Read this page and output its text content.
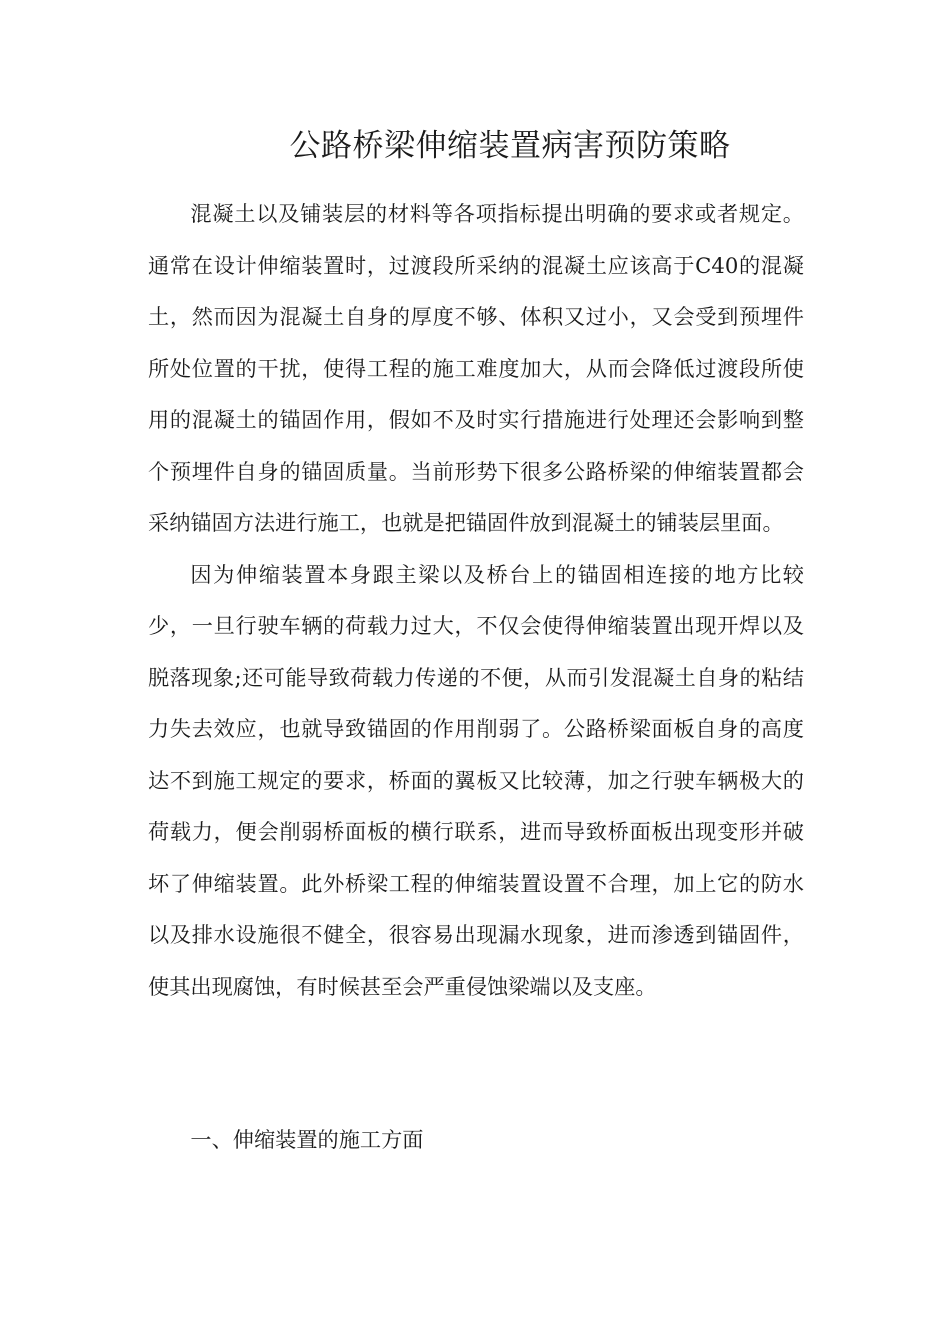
公路桥梁伸缩装置病害预防策略

混凝土以及铺装层的材料等各项指标提出明确的要求或者规定。通常在设计伸缩装置时，过渡段所采纳的混凝土应该高于C40的混凝土，然而因为混凝土自身的厚度不够、体积又过小，又会受到预埋件所处位置的干扰，使得工程的施工难度加大，从而会降低过渡段所使用的混凝土的锚固作用，假如不及时实行措施进行处理还会影响到整个预埋件自身的锚固质量。当前形势下很多公路桥梁的伸缩装置都会采纳锚固方法进行施工，也就是把锚固件放到混凝土的铺装层里面。

因为伸缩装置本身跟主梁以及桥台上的锚固相连接的地方比较少，一旦行驶车辆的荷载力过大，不仅会使得伸缩装置出现开焊以及脱落现象;还可能导致荷载力传递的不便，从而引发混凝土自身的粘结力失去效应，也就导致锚固的作用削弱了。公路桥梁面板自身的高度达不到施工规定的要求，桥面的翼板又比较薄，加之行驶车辆极大的荷载力，便会削弱桥面板的横行联系，进而导致桥面板出现变形并破坏了伸缩装置。此外桥梁工程的伸缩装置设置不合理，加上它的防水以及排水设施很不健全，很容易出现漏水现象，进而渗透到锚固件，使其出现腐蚀，有时候甚至会严重侵蚀梁端以及支座。

一、伸缩装置的施工方面
